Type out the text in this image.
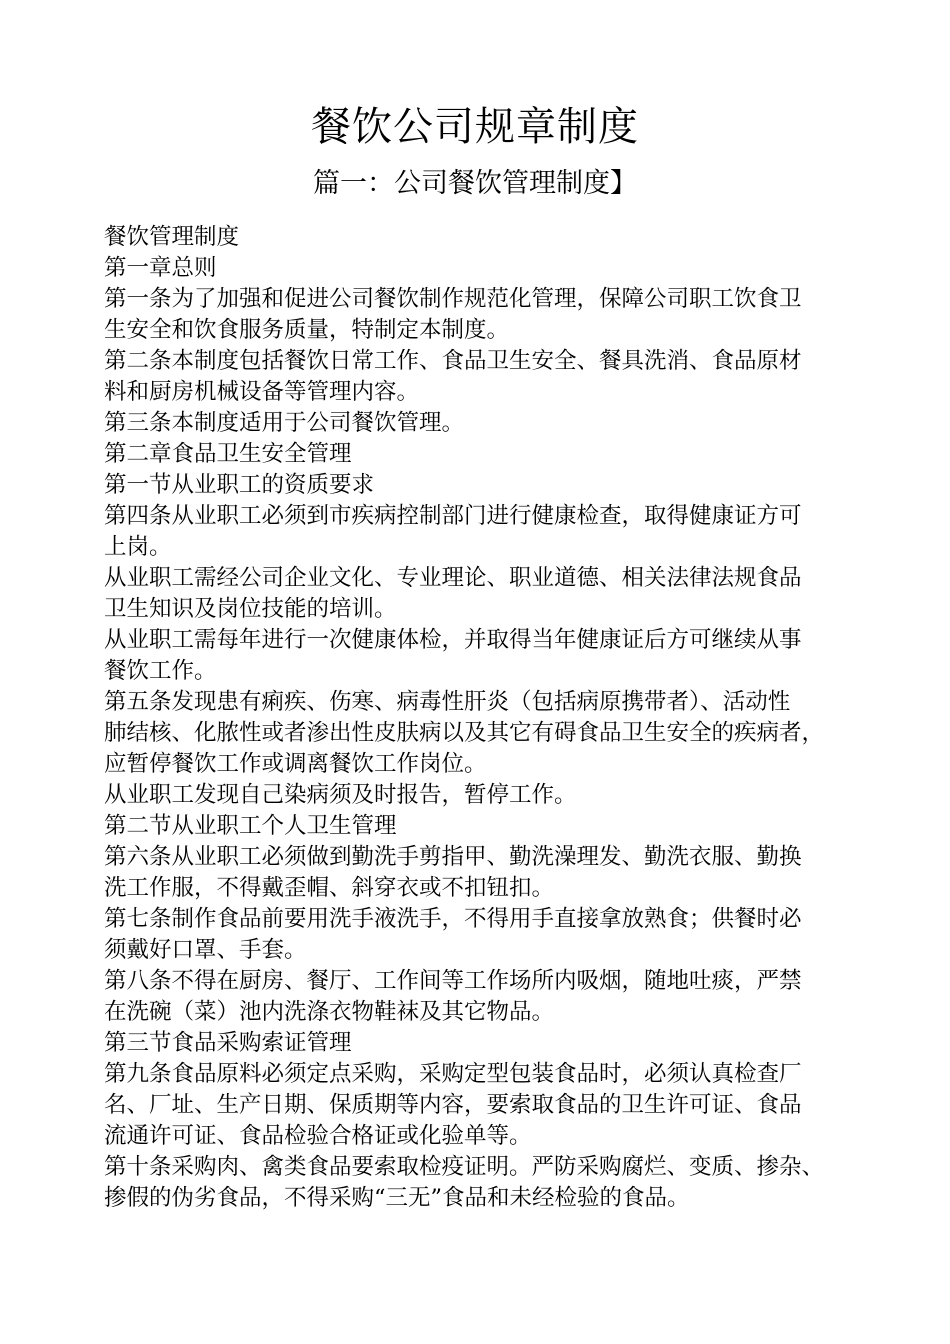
餐饮公司规章制度
篇一：公司餐饮管理制度】
餐饮管理制度
第一章总则
第一条为了加强和促进公司餐饮制作规范化管理，保障公司职工饮食卫
生安全和饮食服务质量，特制定本制度。
第二条本制度包括餐饮日常工作、食品卫生安全、餐具洗消、食品原材
料和厨房机械设备等管理内容。
第三条本制度适用于公司餐饮管理。
第二章食品卫生安全管理
第一节从业职工的资质要求
第四条从业职工必须到市疾病控制部门进行健康检查，取得健康证方可
上岗。
从业职工需经公司企业文化、专业理论、职业道德、相关法律法规食品
卫生知识及岗位技能的培训。
从业职工需每年进行一次健康体检，并取得当年健康证后方可继续从事
餐饮工作。
第五条发现患有痢疾、伤寒、病毒性肝炎（包括病原携带者）、活动性
肺结核、化脓性或者渗出性皮肤病以及其它有碍食品卫生安全的疾病者，
应暂停餐饮工作或调离餐饮工作岗位。
从业职工发现自己染病须及时报告，暂停工作。
第二节从业职工个人卫生管理
第六条从业职工必须做到勤洗手剪指甲、勤洗澡理发、勤洗衣服、勤换
洗工作服，不得戴歪帽、斜穿衣或不扣钮扣。
第七条制作食品前要用洗手液洗手，不得用手直接拿放熟食；供餐时必
须戴好口罩、手套。
第八条不得在厨房、餐厅、工作间等工作场所内吸烟，随地吐痰，严禁
在洗碗（菜）池内洗涤衣物鞋袜及其它物品。
第三节食品采购索证管理
第九条食品原料必须定点采购，采购定型包装食品时，必须认真检查厂
名、厂址、生产日期、保质期等内容，要索取食品的卫生许可证、食品
流通许可证、食品检验合格证或化验单等。
第十条采购肉、禽类食品要索取检疫证明。严防采购腐烂、变质、掺杂、
掺假的伪劣食品，不得采购“三无”食品和未经检验的食品。
